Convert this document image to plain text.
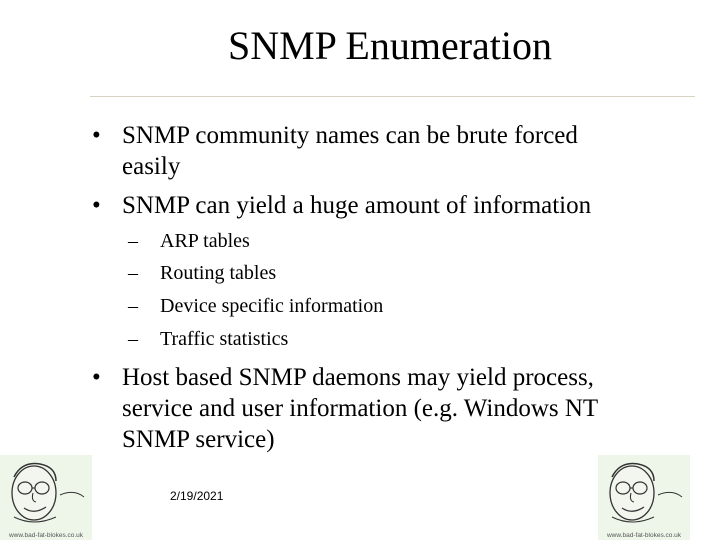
SNMP Enumeration
• SNMP community names can be brute forced
easily
• SNMP can yield a huge amount of information
– ARP tables
– Routing tables
– Device specific information
– Traffic statistics
• Host based SNMP daemons may yield process,
service and user information (e.g. Windows NT
SNMP service)
2/19/2021
www.bad-fat-blokes.co.uk	www.bad-fat-blokes.co.uk
